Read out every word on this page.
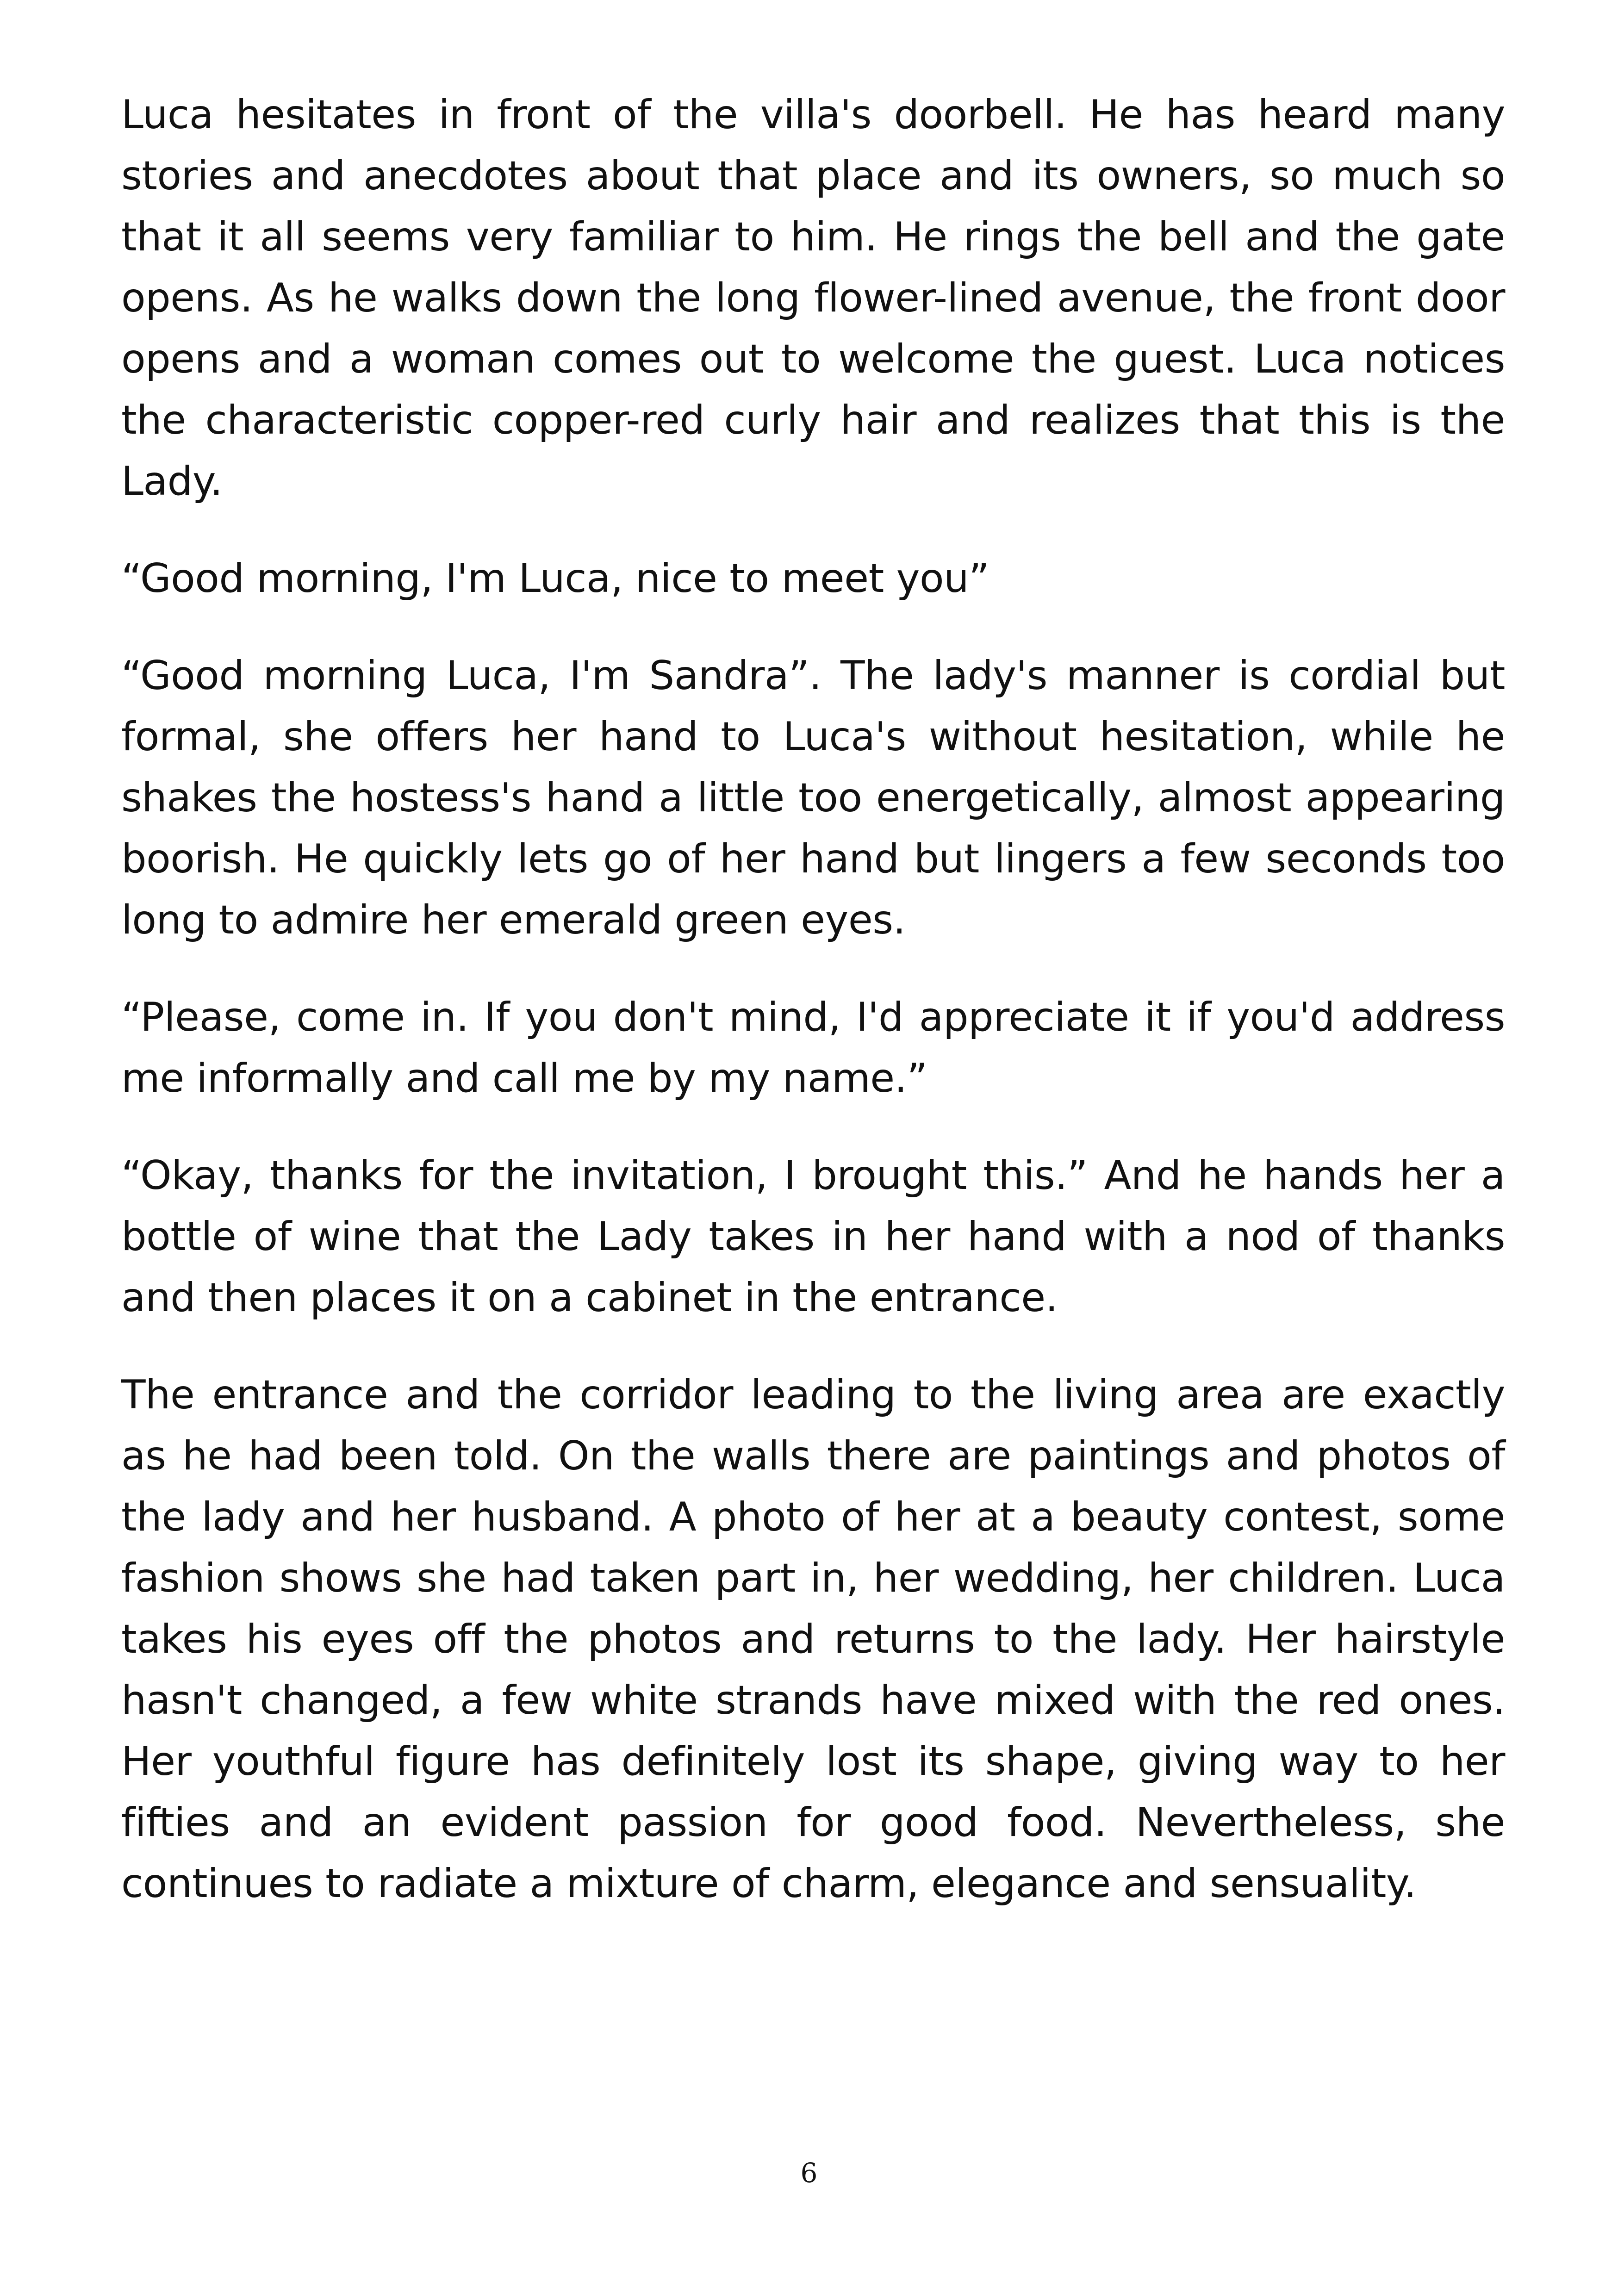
Luca hesitates in front of the villa's doorbell. He has heard many stories and anecdotes about that place and its owners, so much so that it all seems very familiar to him. He rings the bell and the gate opens. As he walks down the long flower-lined avenue, the front door opens and a woman comes out to welcome the guest. Luca notices the characteristic copper-red curly hair and realizes that this is the Lady.

“Good morning, I'm Luca, nice to meet you”

“Good morning Luca, I'm Sandra”. The lady's manner is cordial but formal, she offers her hand to Luca's without hesitation, while he shakes the hostess's hand a little too energetically, almost appearing boorish. He quickly lets go of her hand but lingers a few seconds too long to admire her emerald green eyes.

“Please, come in. If you don't mind, I'd appreciate it if you'd address me informally and call me by my name.”

“Okay, thanks for the invitation, I brought this.” And he hands her a bottle of wine that the Lady takes in her hand with a nod of thanks and then places it on a cabinet in the entrance.

The entrance and the corridor leading to the living area are exactly as he had been told. On the walls there are paintings and photos of the lady and her husband. A photo of her at a beauty contest, some fashion shows she had taken part in, her wedding, her children. Luca takes his eyes off the photos and returns to the lady. Her hairstyle hasn't changed, a few white strands have mixed with the red ones. Her youthful figure has definitely lost its shape, giving way to her fifties and an evident passion for good food. Nevertheless, she continues to radiate a mixture of charm, elegance and sensuality.

6
